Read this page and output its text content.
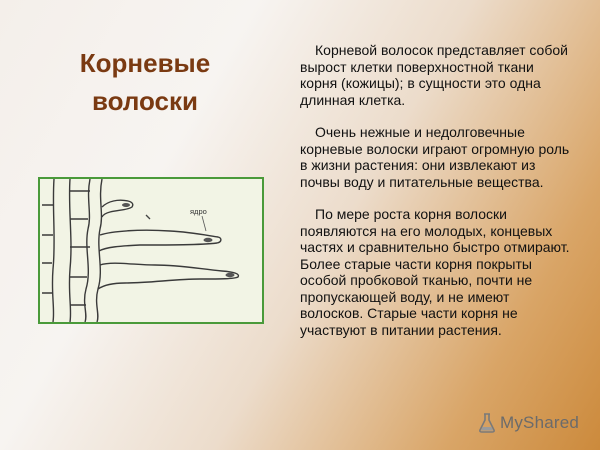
Корневые волоски

Корневой волосок представляет собой вырост клетки поверхностной ткани корня (кожицы); в сущности это одна длинная клетка.

Очень нежные и недолговечные корневые волоски играют огромную роль в жизни растения: они извлекают из почвы воду и питательные вещества.

По мере роста корня волоски появляются на его молодых, концевых частях и сравнительно быстро отмирают. Более старые части корня покрыты особой пробковой тканью, почти не пропускающей воду, и не имеют волосков. Старые части корня не участвуют в питании растения.

ядро
MyShared
